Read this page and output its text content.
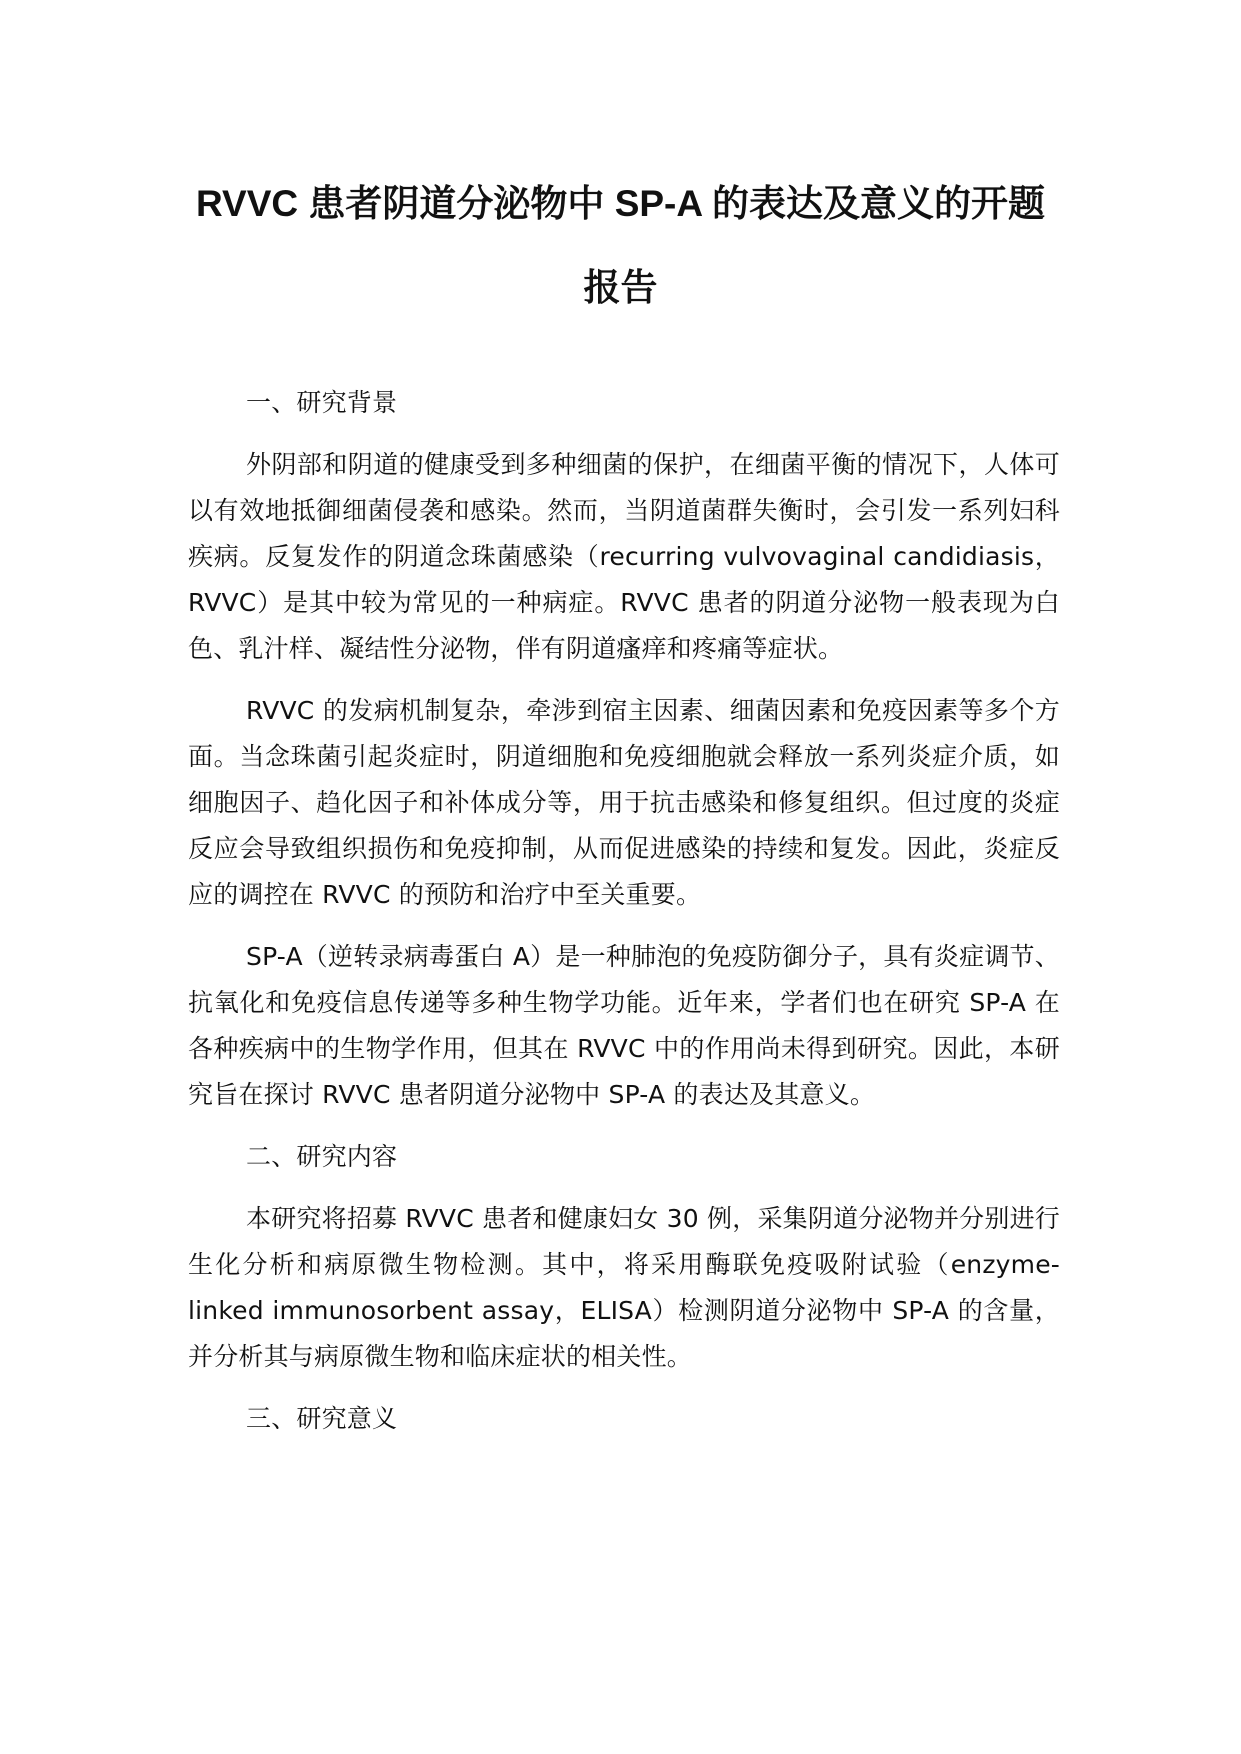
RVVC 患者阴道分泌物中 SP-A 的表达及意义的开题
报告
一、研究背景
外阴部和阴道的健康受到多种细菌的保护，在细菌平衡的情况下，人体可以有效地抵御细菌侵袭和感染。然而，当阴道菌群失衡时，会引发一系列妇科疾病。反复发作的阴道念珠菌感染（recurring vulvovaginal candidiasis，RVVC）是其中较为常见的一种病症。RVVC 患者的阴道分泌物一般表现为白色、乳汁样、凝结性分泌物，伴有阴道瘙痒和疼痛等症状。
RVVC 的发病机制复杂，牵涉到宿主因素、细菌因素和免疫因素等多个方面。当念珠菌引起炎症时，阴道细胞和免疫细胞就会释放一系列炎症介质，如细胞因子、趋化因子和补体成分等，用于抗击感染和修复组织。但过度的炎症反应会导致组织损伤和免疫抑制，从而促进感染的持续和复发。因此，炎症反应的调控在 RVVC 的预防和治疗中至关重要。
SP-A（逆转录病毒蛋白 A）是一种肺泡的免疫防御分子，具有炎症调节、抗氧化和免疫信息传递等多种生物学功能。近年来，学者们也在研究 SP-A 在各种疾病中的生物学作用，但其在 RVVC 中的作用尚未得到研究。因此，本研究旨在探讨 RVVC 患者阴道分泌物中 SP-A 的表达及其意义。
二、研究内容
本研究将招募 RVVC 患者和健康妇女 30 例，采集阴道分泌物并分别进行生化分析和病原微生物检测。其中，将采用酶联免疫吸附试验（enzyme-linked immunosorbent assay，ELISA）检测阴道分泌物中 SP-A 的含量，并分析其与病原微生物和临床症状的相关性。
三、研究意义
